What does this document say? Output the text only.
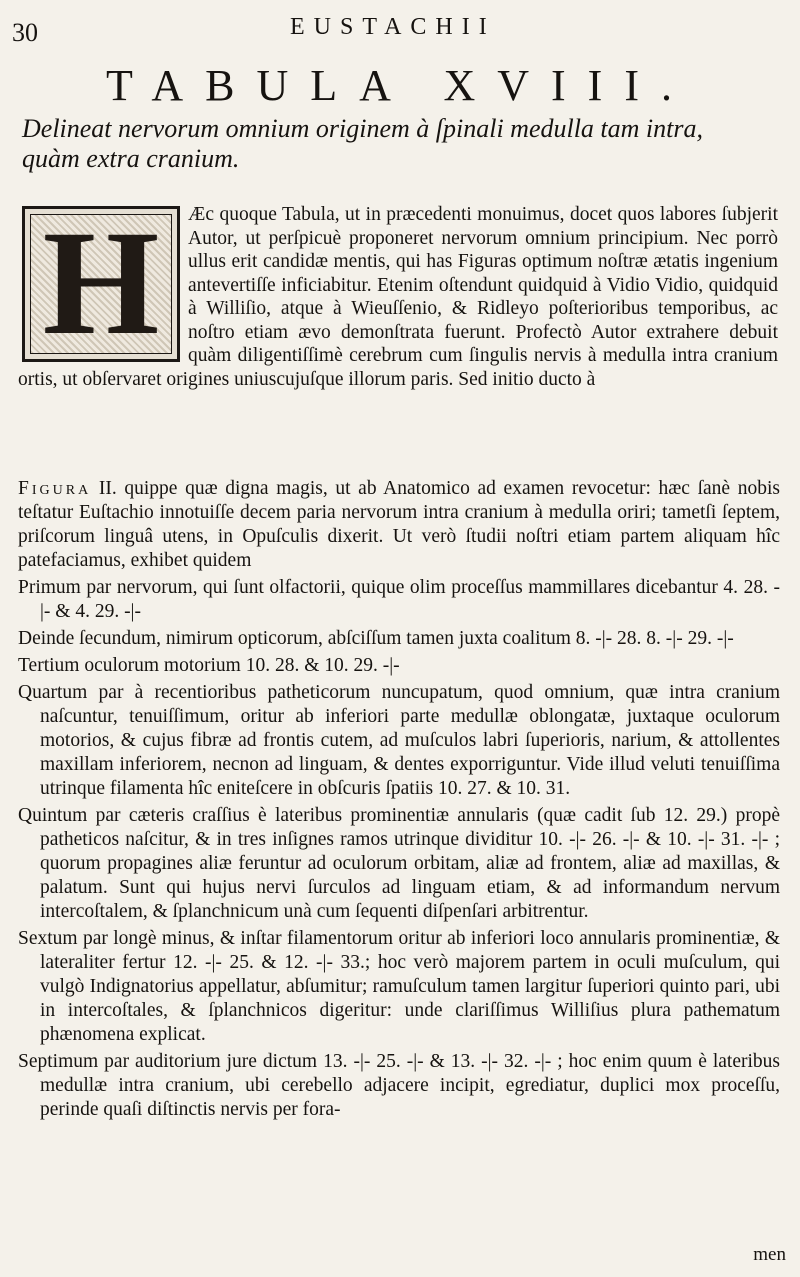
30	EUSTACHII
TABULA XVIII.
Delineat nervorum omnium originem à ſpinali medulla tam intra, quàm extra cranium.
H	Æc quoque Tabula, ut in præcedenti monuimus, docet quos labores ſubjerit Autor, ut perſpicuè proponeret nervorum omnium principium. Nec porrò ullus erit candidæ mentis, qui has Figuras optimum noſtræ ætatis ingenium antevertiſſe inficiabitur. Etenim oſtendunt quidquid à Vidio Vidio, quidquid à Williſio, atque à Wieuſſenio, & Ridleyo poſterioribus temporibus, ac noſtro etiam ævo demonſtrata fuerunt. Profectò Autor extrahere debuit quàm diligentiſſimè cerebrum cum ſingulis nervis à medulla intra cranium ortis, ut obſervaret origines uniuscujuſque illorum paris. Sed initio ducto à

Figura II. quippe quæ digna magis, ut ab Anatomico ad examen revocetur: hæc ſanè nobis teſtatur Euſtachio innotuiſſe decem paria nervorum intra cranium à medulla oriri; tametſi ſeptem, priſcorum linguâ utens, in Opuſculis dixerit. Ut verò ſtudii noſtri etiam partem aliquam hîc patefaciamus, exhibet quidem

Primum par nervorum, qui ſunt olfactorii, quique olim proceſſus mammillares dicebantur 4. 28. -|- & 4. 29. -|-

Deinde ſecundum, nimirum opticorum, abſciſſum tamen juxta coalitum 8. -|- 28. 8. -|- 29. -|-

Tertium oculorum motorium 10. 28. & 10. 29. -|-

Quartum par à recentioribus patheticorum nuncupatum, quod omnium, quæ intra cranium naſcuntur, tenuiſſimum, oritur ab inferiori parte medullæ oblongatæ, juxtaque oculorum motorios, & cujus fibræ ad frontis cutem, ad muſculos labri ſuperioris, narium, & attollentes maxillam inferiorem, necnon ad linguam, & dentes exporriguntur. Vide illud veluti tenuiſſima utrinque filamenta hîc eniteſcere in obſcuris ſpatiis 10. 27. & 10. 31.

Quintum par cæteris craſſius è lateribus prominentiæ annularis (quæ cadit ſub 12. 29.) propè patheticos naſcitur, & in tres inſignes ramos utrinque dividitur 10. -|- 26. -|- & 10. -|- 31. -|- ; quorum propagines aliæ feruntur ad oculorum orbitam, aliæ ad frontem, aliæ ad maxillas, & palatum. Sunt qui hujus nervi ſurculos ad linguam etiam, & ad informandum nervum intercoſtalem, & ſplanchnicum unà cum ſequenti diſpenſari arbitrentur.

Sextum par longè minus, & inſtar filamentorum oritur ab inferiori loco annularis prominentiæ, & lateraliter fertur 12. -|- 25. & 12. -|- 33.; hoc verò majorem partem in oculi muſculum, qui vulgò Indignatorius appellatur, abſumitur; ramuſculum tamen largitur ſuperiori quinto pari, ubi in intercoſtales, & ſplanchnicos digeritur: unde clariſſimus Williſius plura pathematum phænomena explicat.

Septimum par auditorium jure dictum 13. -|- 25. -|- & 13. -|- 32. -|- ; hoc enim quum è lateribus medullæ intra cranium, ubi cerebello adjacere incipit, egrediatur, duplici mox proceſſu, perinde quaſi diſtinctis nervis per fora-

men
